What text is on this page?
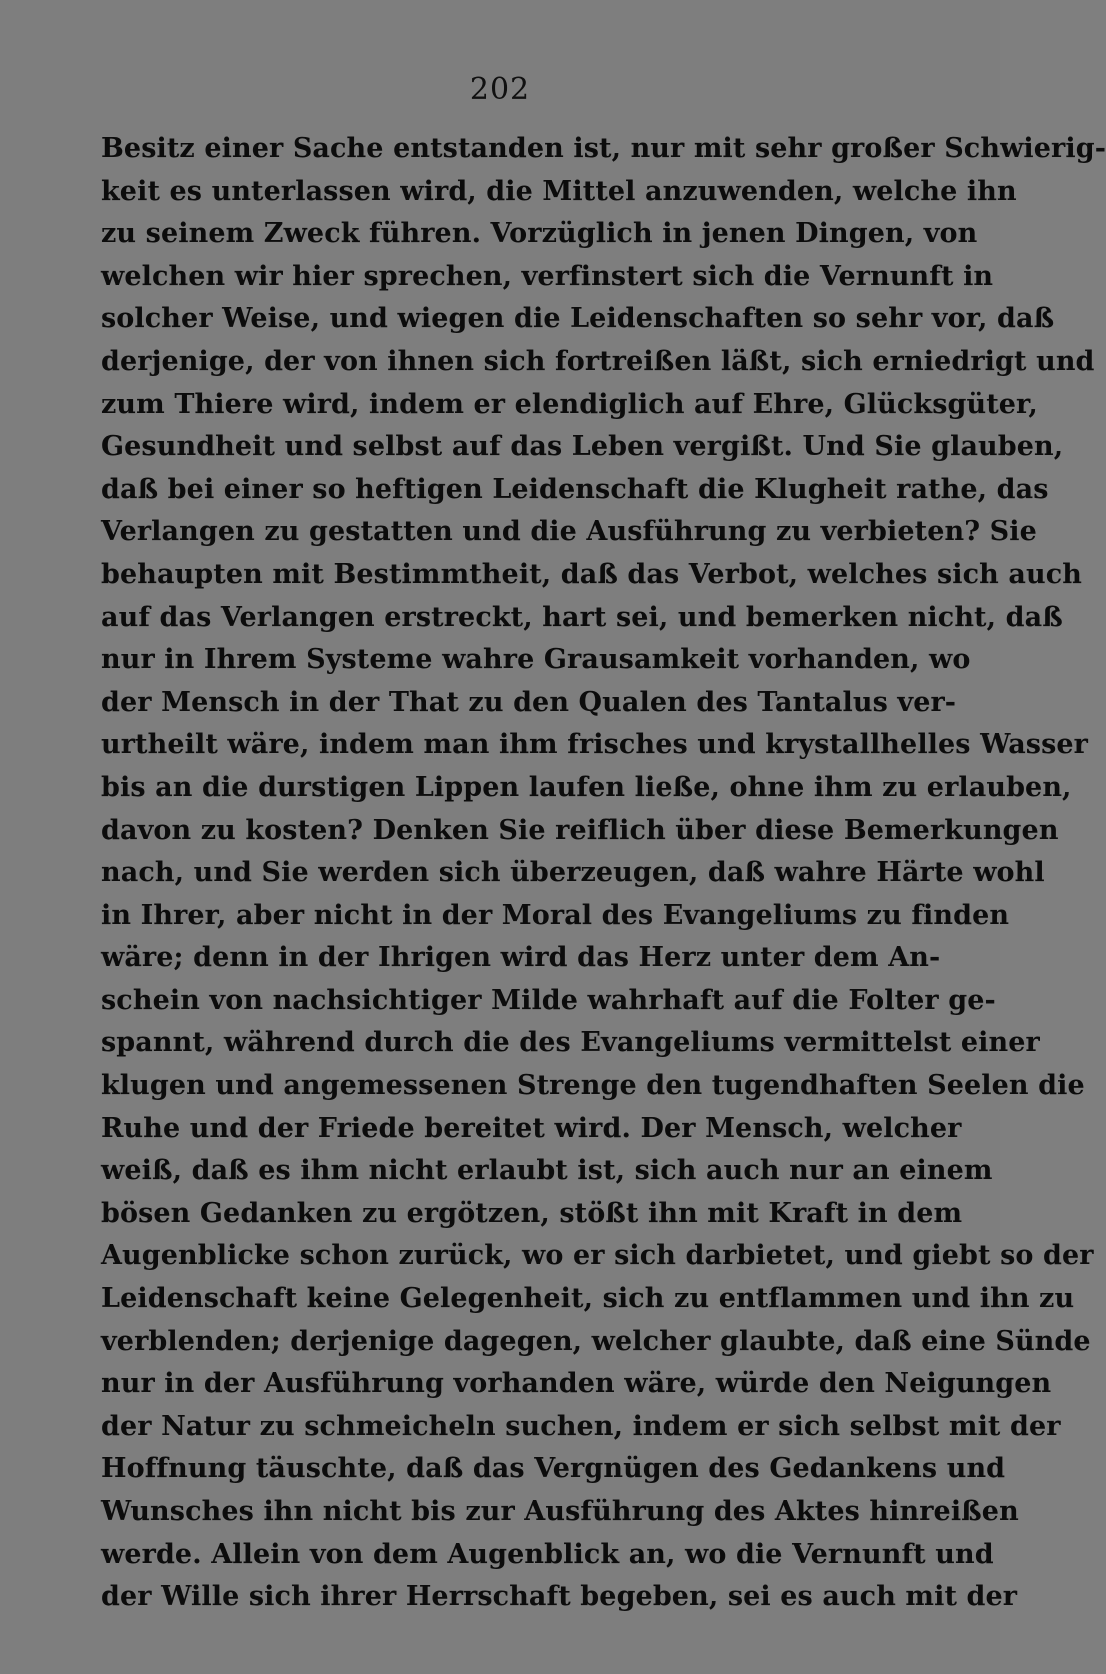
202
Besitz einer Sache entstanden ist, nur mit sehr großer Schwierig-
keit es unterlassen wird, die Mittel anzuwenden, welche ihn
zu seinem Zweck führen. Vorzüglich in jenen Dingen, von
welchen wir hier sprechen, verfinstert sich die Vernunft in
solcher Weise, und wiegen die Leidenschaften so sehr vor, daß
derjenige, der von ihnen sich fortreißen läßt, sich erniedrigt und
zum Thiere wird, indem er elendiglich auf Ehre, Glücksgüter,
Gesundheit und selbst auf das Leben vergißt. Und Sie glauben,
daß bei einer so heftigen Leidenschaft die Klugheit rathe, das
Verlangen zu gestatten und die Ausführung zu verbieten? Sie
behaupten mit Bestimmtheit, daß das Verbot, welches sich auch
auf das Verlangen erstreckt, hart sei, und bemerken nicht, daß
nur in Ihrem Systeme wahre Grausamkeit vorhanden, wo
der Mensch in der That zu den Qualen des Tantalus ver-
urtheilt wäre, indem man ihm frisches und krystallhelles Wasser
bis an die durstigen Lippen laufen ließe, ohne ihm zu erlauben,
davon zu kosten? Denken Sie reiflich über diese Bemerkungen
nach, und Sie werden sich überzeugen, daß wahre Härte wohl
in Ihrer, aber nicht in der Moral des Evangeliums zu finden
wäre; denn in der Ihrigen wird das Herz unter dem An-
schein von nachsichtiger Milde wahrhaft auf die Folter ge-
spannt, während durch die des Evangeliums vermittelst einer
klugen und angemessenen Strenge den tugendhaften Seelen die
Ruhe und der Friede bereitet wird. Der Mensch, welcher
weiß, daß es ihm nicht erlaubt ist, sich auch nur an einem
bösen Gedanken zu ergötzen, stößt ihn mit Kraft in dem
Augenblicke schon zurück, wo er sich darbietet, und giebt so der
Leidenschaft keine Gelegenheit, sich zu entflammen und ihn zu
verblenden; derjenige dagegen, welcher glaubte, daß eine Sünde
nur in der Ausführung vorhanden wäre, würde den Neigungen
der Natur zu schmeicheln suchen, indem er sich selbst mit der
Hoffnung täuschte, daß das Vergnügen des Gedankens und
Wunsches ihn nicht bis zur Ausführung des Aktes hinreißen
werde. Allein von dem Augenblick an, wo die Vernunft und
der Wille sich ihrer Herrschaft begeben, sei es auch mit der
